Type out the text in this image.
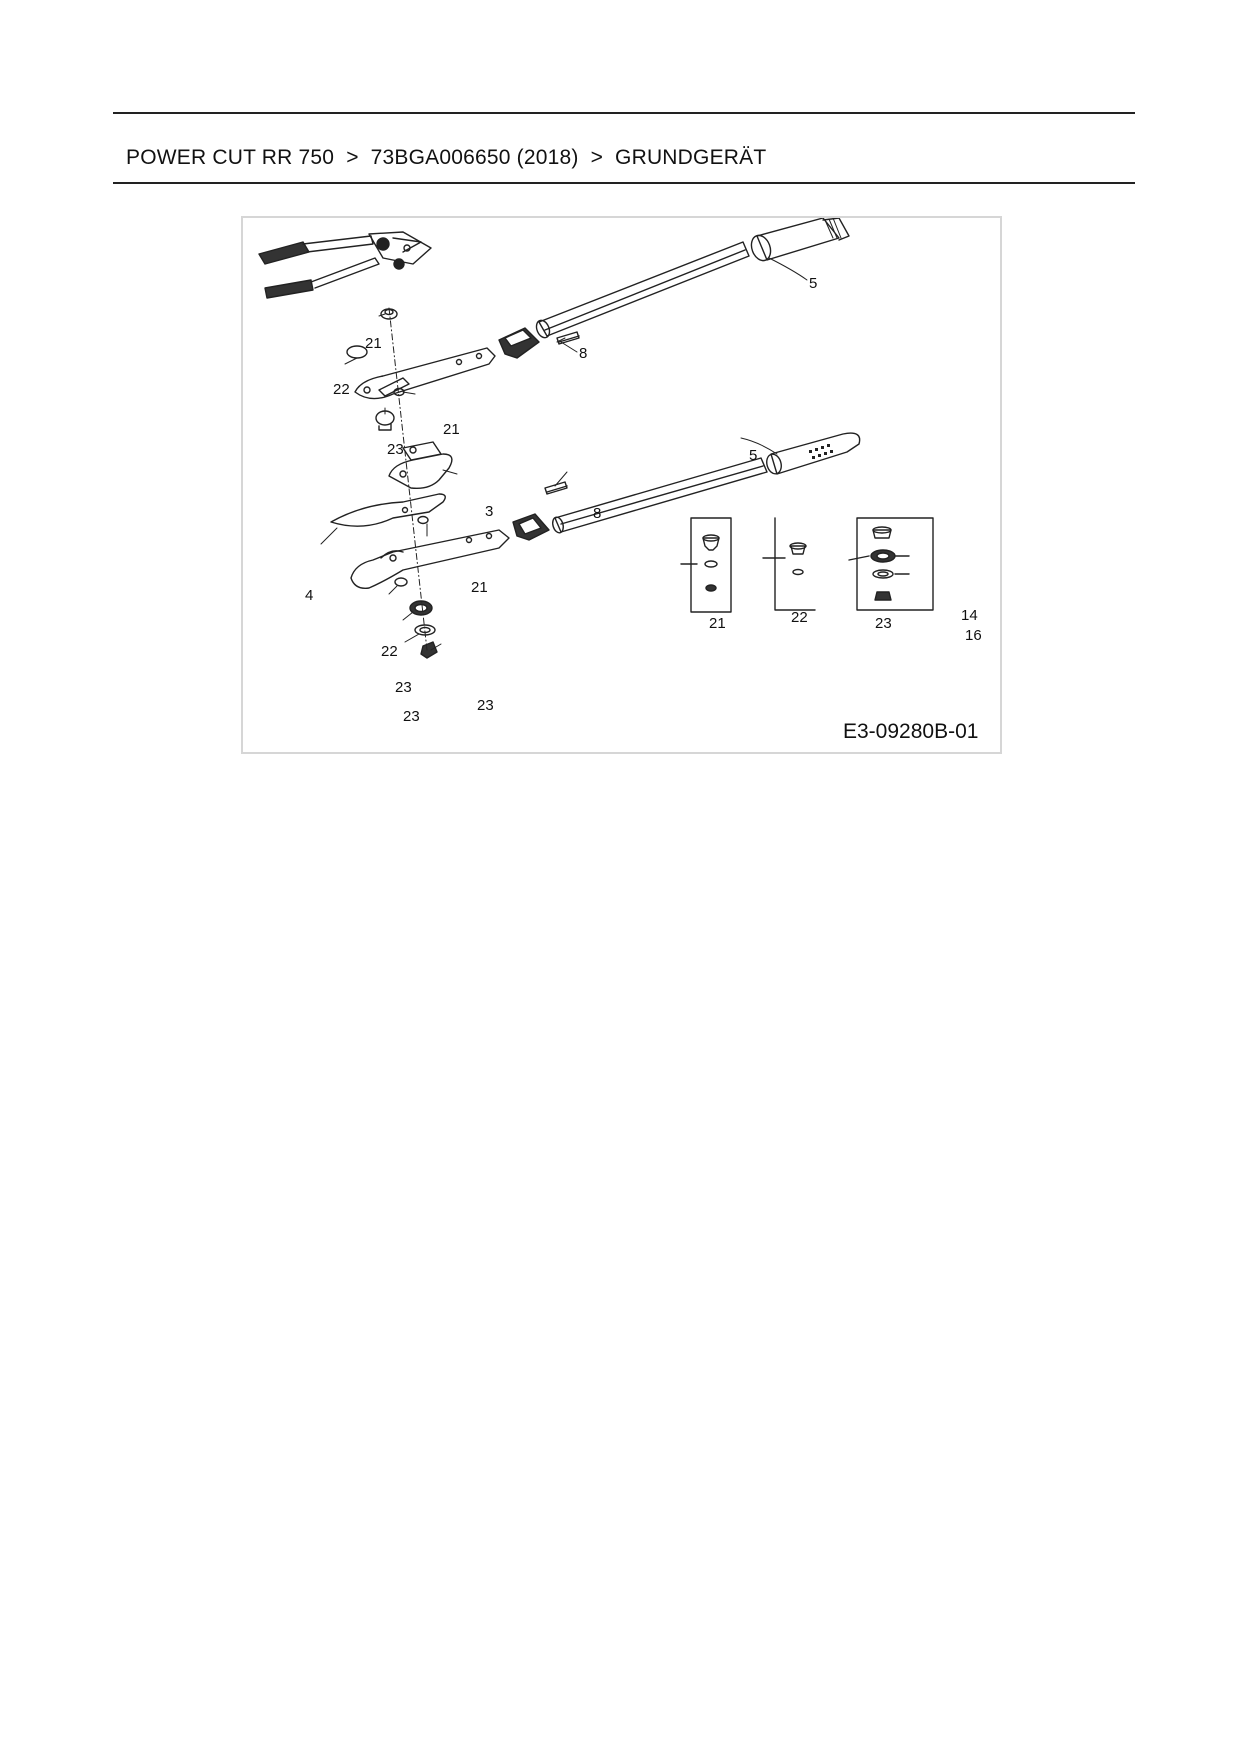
POWER CUT RR 750 > 73BGA006650 (2018) > GRUNDGERÄT
5
5
8
8
21
21
21
22
22
23
23
23
23
3
4
21	22	23	14
16
E3-09280B-01
